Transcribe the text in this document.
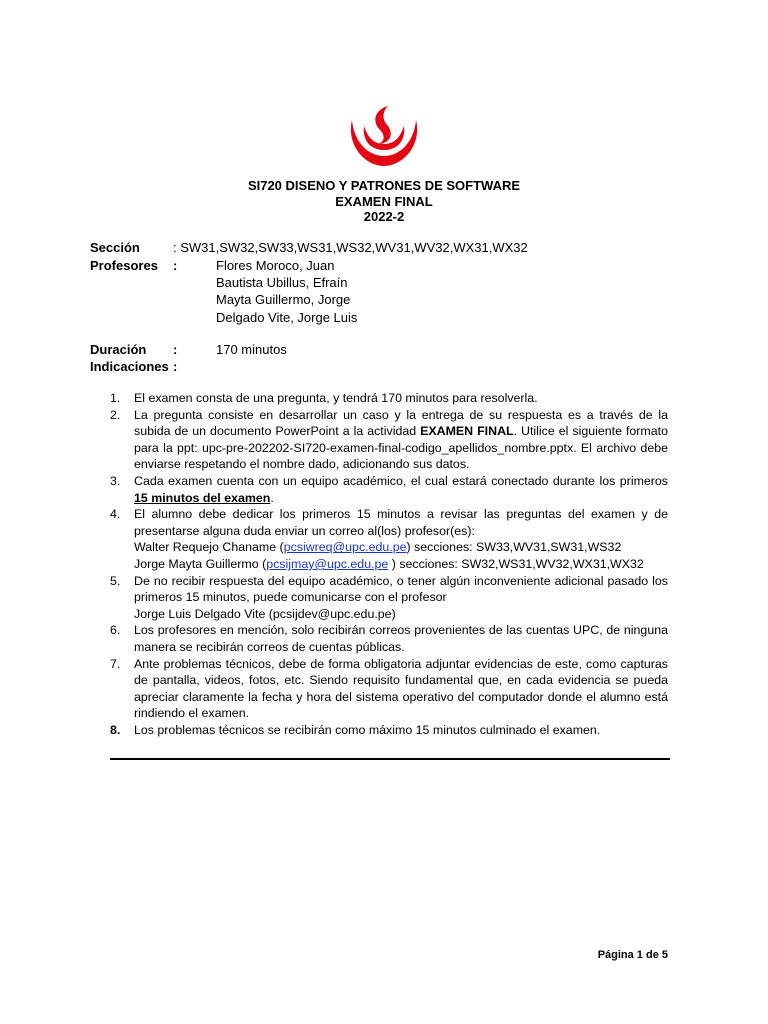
SI720 DISENO Y PATRONES DE SOFTWARE
EXAMEN FINAL
2022-2
Sección	: SW31,SW32,SW33,WS31,WS32,WV31,WV32,WX31,WX32
Profesores :	Flores Moroco, Juan
Bautista Ubillus, Efraín
Mayta Guillermo, Jorge
Delgado Vite, Jorge Luis
Duración :	170 minutos
Indicaciones :
1. El examen consta de una pregunta, y tendrá 170 minutos para resolverla.
2. La pregunta consiste en desarrollar un caso y la entrega de su respuesta es a través de la subida de un documento PowerPoint a la actividad EXAMEN FINAL. Utilice el siguiente formato para la ppt: upc-pre-202202-SI720-examen-final-codigo_apellidos_nombre.pptx. El archivo debe enviarse respetando el nombre dado, adicionando sus datos.
3. Cada examen cuenta con un equipo académico, el cual estará conectado durante los primeros 15 minutos del examen.
4. El alumno debe dedicar los primeros 15 minutos a revisar las preguntas del examen y de presentarse alguna duda enviar un correo al(los) profesor(es):
Walter Requejo Chaname (pcsiwreq@upc.edu.pe) secciones: SW33,WV31,SW31,WS32
Jorge Mayta Guillermo (pcsijmay@upc.edu.pe ) secciones: SW32,WS31,WV32,WX31,WX32
5. De no recibir respuesta del equipo académico, o tener algún inconveniente adicional pasado los primeros 15 minutos, puede comunicarse con el profesor
Jorge Luis Delgado Vite (pcsijdev@upc.edu.pe)
6. Los profesores en mención, solo recibirán correos provenientes de las cuentas UPC, de ninguna manera se recibirán correos de cuentas públicas.
7. Ante problemas técnicos, debe de forma obligatoria adjuntar evidencias de este, como capturas de pantalla, videos, fotos, etc. Siendo requisito fundamental que, en cada evidencia se pueda apreciar claramente la fecha y hora del sistema operativo del computador donde el alumno está rindiendo el examen.
8. Los problemas técnicos se recibirán como máximo 15 minutos culminado el examen.
Página 1 de 5
